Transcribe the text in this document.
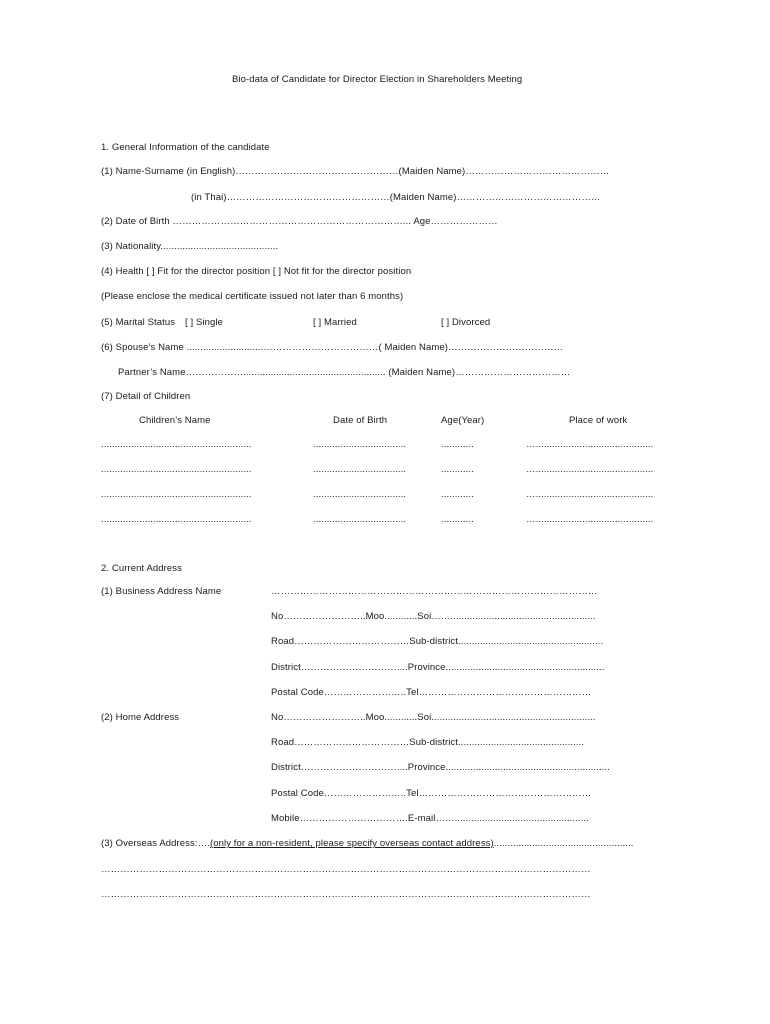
Bio-data of Candidate for Director Election in Shareholders Meeting
1. General Information of the candidate
(1) Name-Surname (in English)……………………………………………(Maiden Name)………………………………………
(in Thai)……………………………………………(Maiden Name)………………………………………
(2) Date of Birth ………………………………………………………………... Age…………………
(3) Nationality...........................................
(4) Health [ ] Fit for the director position [ ] Not fit for the director position
(Please enclose the medical certificate issued not later than 6 months)
(5) Marital Status [ ] Single	[ ] Married	[ ] Divorced
(6) Spouse’s Name ............................………………………………( Maiden Name)………………………………
Partner’s Name……………….................................................... (Maiden Name)………………………………
(7) Detail of Children
Children’s Name	Date of Birth	Age(Year)	Place of work
.......................................................	..................................	............	…...........................................
.......................................................	..................................	............	…...........................................
.......................................................	..................................	............	…...........................................
.......................................................	..................................	............	…...........................................
2. Current Address
(1) Business Address Name	…………………………………………………………………………………………
No……………………..Moo............Soi…….....................................................
Road………………………………Sub-district.....................................................
District…………………………....Province..........................................................
Postal Code……………………..Tel………………………………………………
(2) Home Address	No……………………..Moo............Soi............................................................
Road………………………………Sub-district..............................................
District…………………………....Province............................................................
Postal Code……………………..Tel………………………………………………
Mobile…………………………….E-mail…….................................................
(3) Overseas Address:….(only for a non-resident, please specify overseas contact address)...................................................
………………………………………………………………………………………………………………………………………
………………………………………………………………………………………………………………………………………
